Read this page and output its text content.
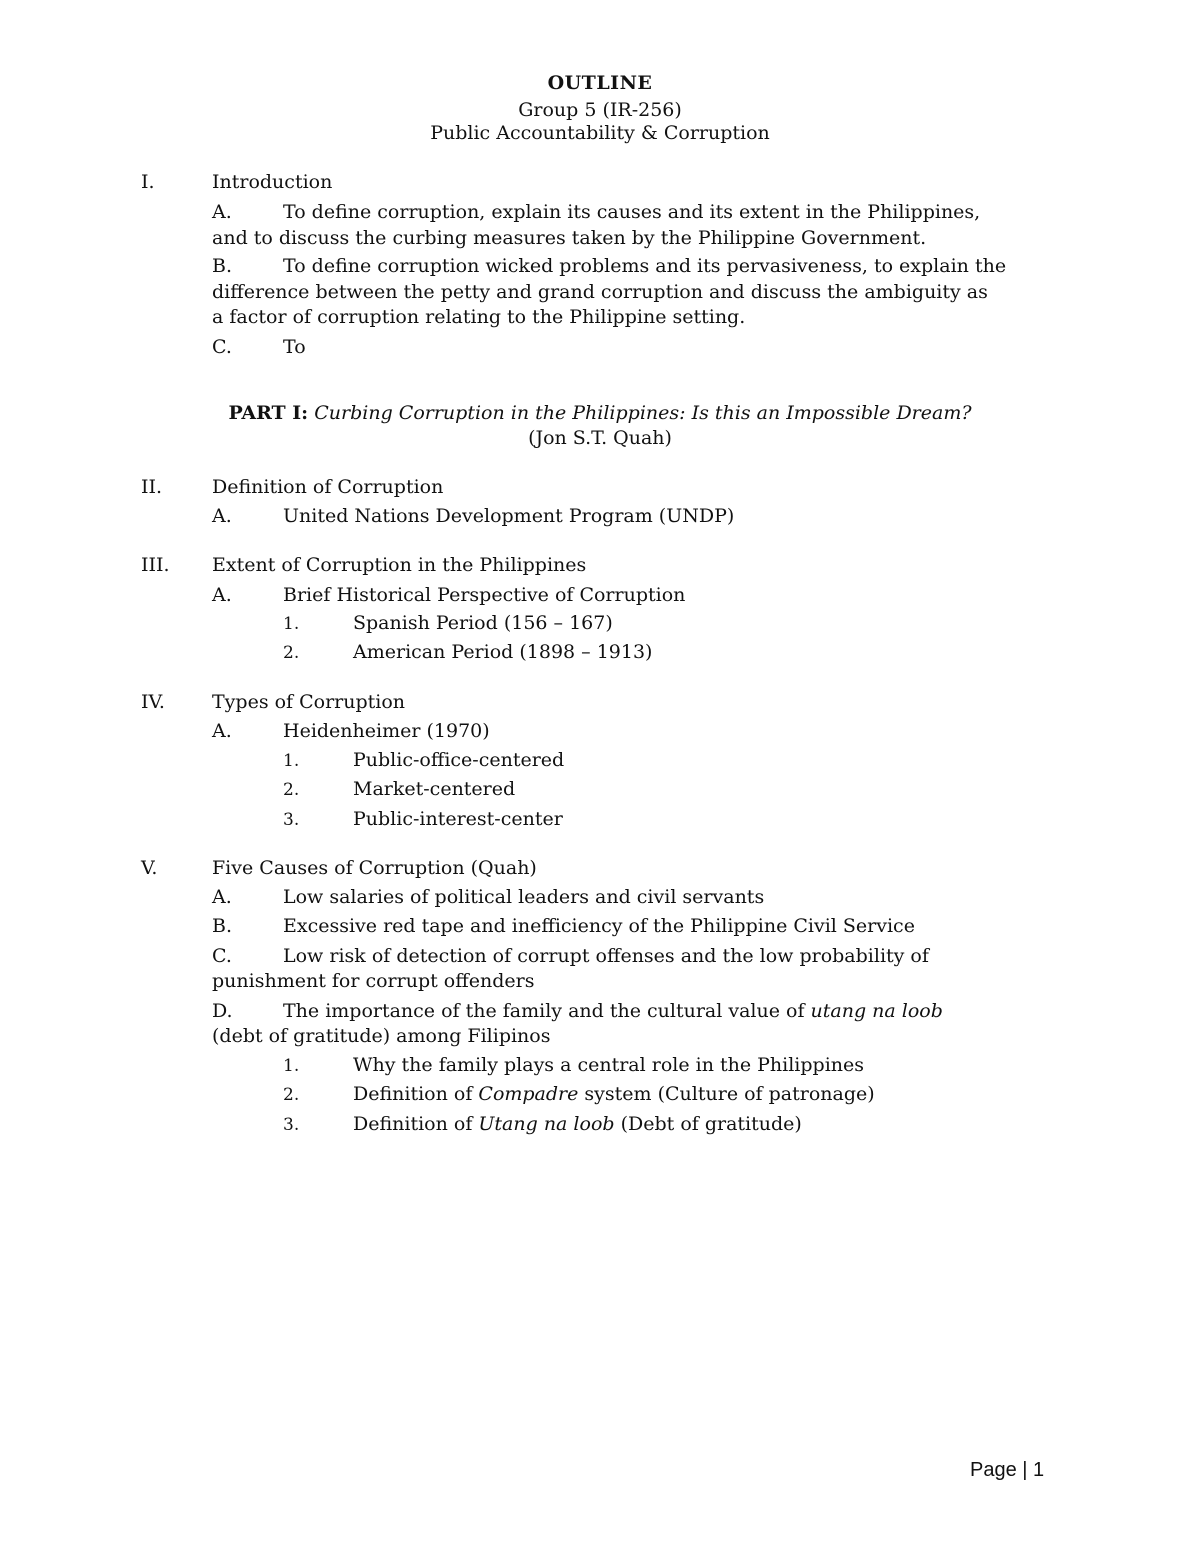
OUTLINE
Group 5 (IR-256)
Public Accountability & Corruption
I.	Introduction
A.	To define corruption, explain its causes and its extent in the Philippines,
and to discuss the curbing measures taken by the Philippine Government.
B.	To define corruption wicked problems and its pervasiveness, to explain the
difference between the petty and grand corruption and discuss the ambiguity as
a factor of corruption relating to the Philippine setting.
C.	To
PART I: Curbing Corruption in the Philippines: Is this an Impossible Dream?
(Jon S.T. Quah)
II.	Definition of Corruption
A.	United Nations Development Program (UNDP)
III. Extent of Corruption in the Philippines
A.	Brief Historical Perspective of Corruption
1.	Spanish Period (156 – 167)
2.	American Period (1898 – 1913)
IV. Types of Corruption
A.	Heidenheimer (1970)
1.	Public-office-centered
2.	Market-centered
3.	Public-interest-center
V.	Five Causes of Corruption (Quah)
A.	Low salaries of political leaders and civil servants
B.	Excessive red tape and inefficiency of the Philippine Civil Service
C.	Low risk of detection of corrupt offenses and the low probability of
punishment for corrupt offenders
D.	The importance of the family and the cultural value of utang na loob
(debt of gratitude) among Filipinos
1.	Why the family plays a central role in the Philippines
2.	Definition of Compadre system (Culture of patronage)
3.	Definition of Utang na loob (Debt of gratitude)
Page | 1
